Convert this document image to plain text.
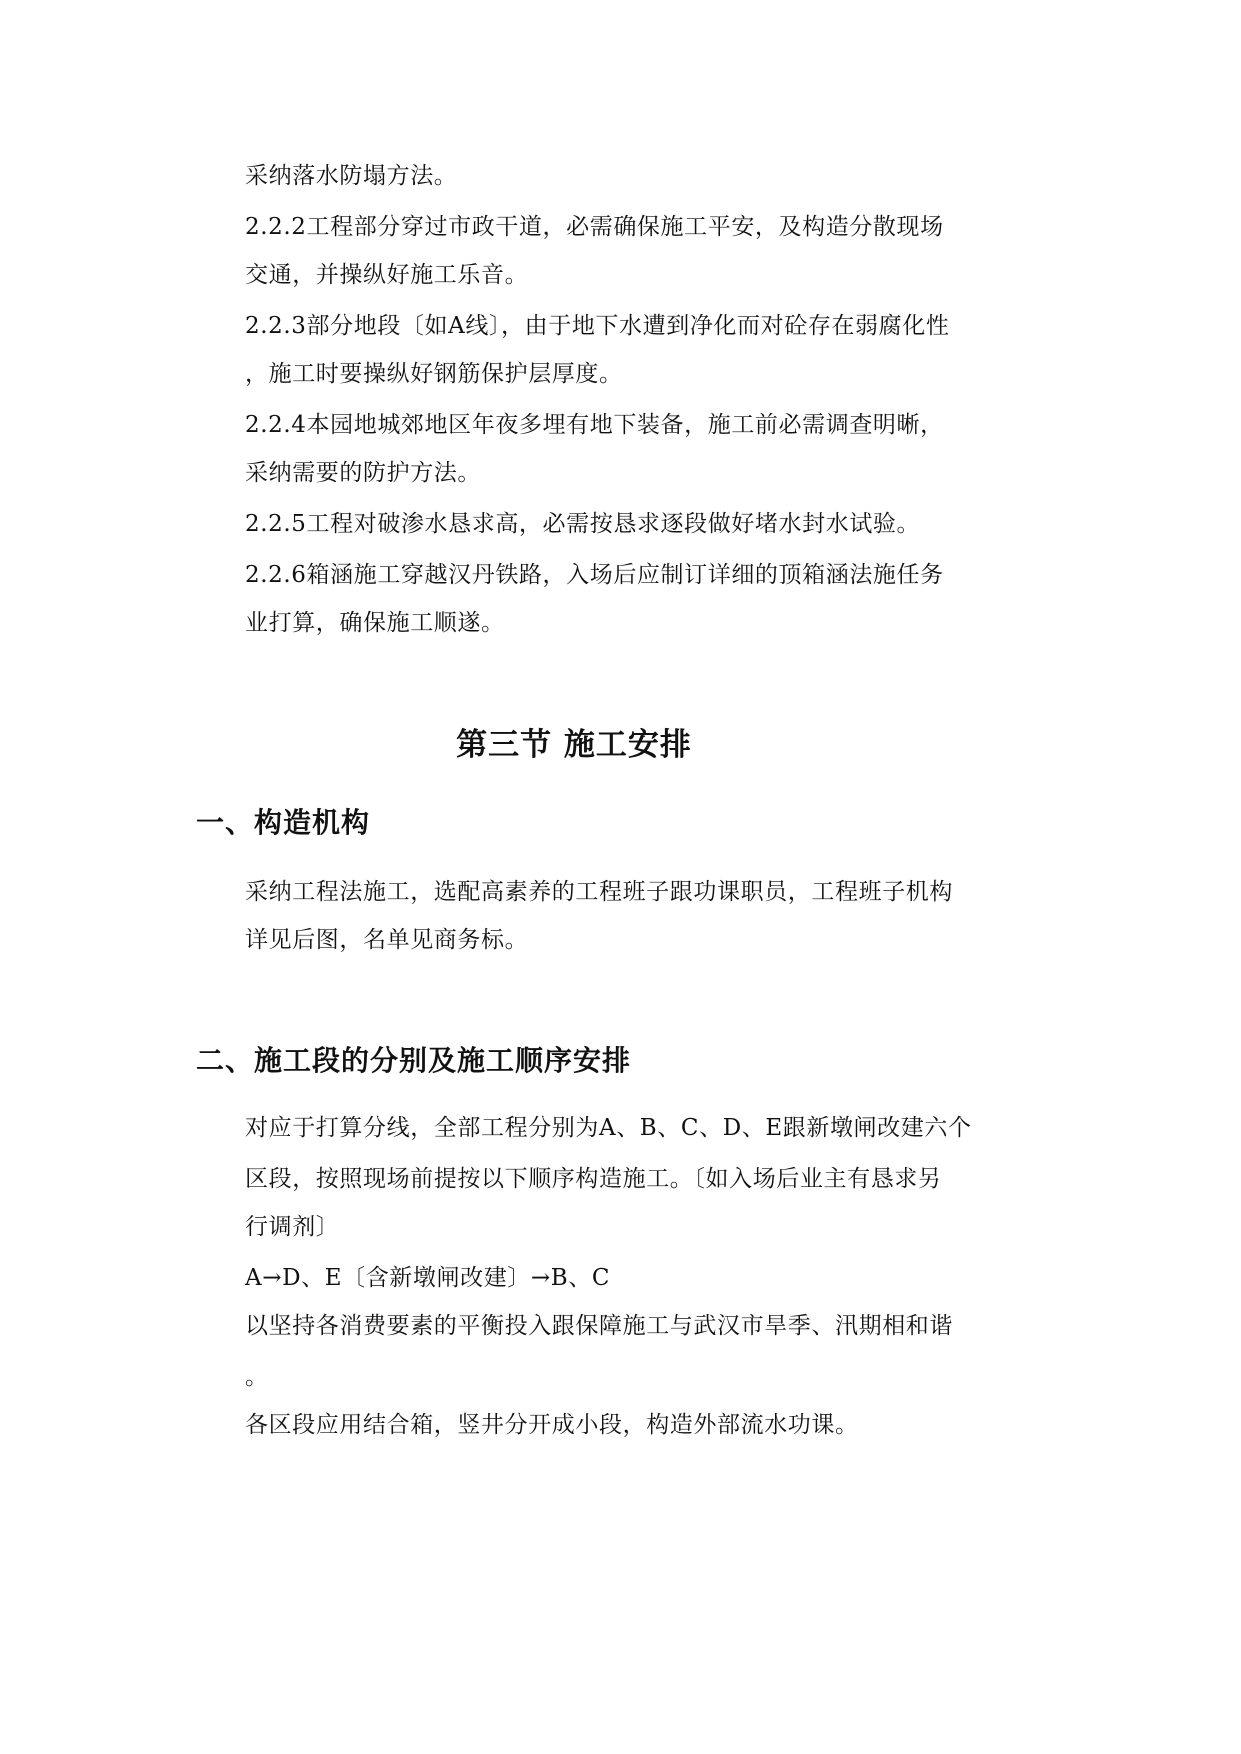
采纳落水防塌方法。
2.2.2工程部分穿过市政干道，必需确保施工平安，及构造分散现场
交通，并操纵好施工乐音。
2.2.3部分地段〔如A线〕，由于地下水遭到净化而对砼存在弱腐化性
，施工时要操纵好钢筋保护层厚度。
2.2.4本园地城郊地区年夜多埋有地下装备，施工前必需调查明晰，
采纳需要的防护方法。
2.2.5工程对破渗水恳求高，必需按恳求逐段做好堵水封水试验。
2.2.6箱涵施工穿越汉丹铁路，入场后应制订详细的顶箱涵法施任务
业打算，确保施工顺遂。
第三节 施工安排
一、构造机构
采纳工程法施工，选配高素养的工程班子跟功课职员，工程班子机构
详见后图，名单见商务标。
二、施工段的分别及施工顺序安排
对应于打算分线，全部工程分别为A、B、C、D、E跟新墩闸改建六个
区段，按照现场前提按以下顺序构造施工。〔如入场后业主有恳求另
行调剂〕
A→D、E〔含新墩闸改建〕→B、C
以坚持各消费要素的平衡投入跟保障施工与武汉市旱季、汛期相和谐
。
各区段应用结合箱，竖井分开成小段，构造外部流水功课。
